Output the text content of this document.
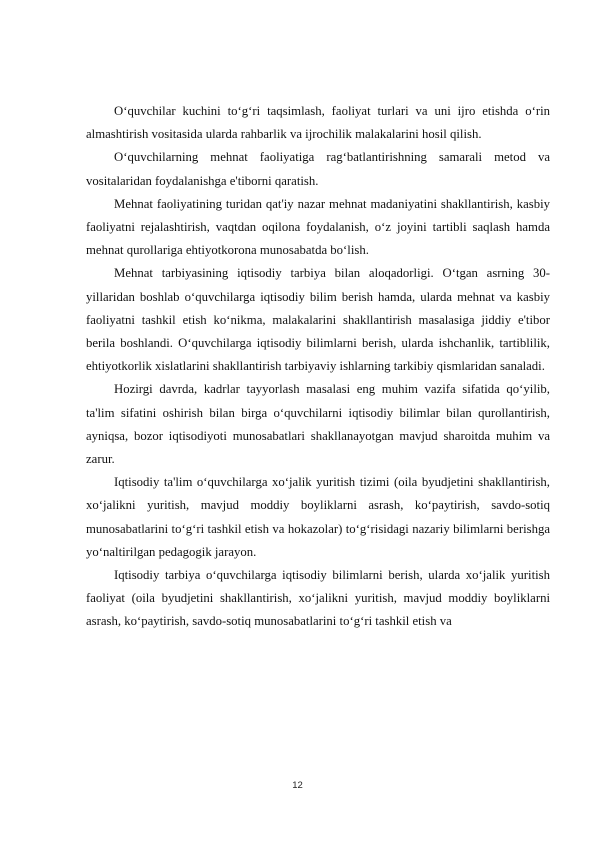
O‘quvchilar kuchini to‘g‘ri taqsimlash, faoliyat turlari va uni ijro etishda o‘rin almashtirish vositasida ularda rahbarlik va ijrochilik malakalarini hosil qilish.

O‘quvchilarning mehnat faoliyatiga rag‘batlantirishning samarali metod va vositalaridan foydalanishga e'tiborni qaratish.

Mehnat faoliyatining turidan qat'iy nazar mehnat madaniyatini shakllantirish, kasbiy faoliyatni rejalashtirish, vaqtdan oqilona foydalanish, o‘z joyini tartibli saqlash hamda mehnat qurollariga ehtiyotkorona munosabatda bo‘lish.

Mehnat tarbiyasining iqtisodiy tarbiya bilan aloqadorligi. O‘tgan asrning 30-yillaridan boshlab o‘quvchilarga iqtisodiy bilim berish hamda, ularda mehnat va kasbiy faoliyatni tashkil etish ko‘nikma, malakalarini shakllantirish masalasiga jiddiy e'tibor berila boshlandi. O‘quvchilarga iqtisodiy bilimlarni berish, ularda ishchanlik, tartiblilik, ehtiyotkorlik xislatlarini shakllantirish tarbiyaviy ishlarning tarkibiy qismlaridan sanaladi.

Hozirgi davrda, kadrlar tayyorlash masalasi eng muhim vazifa sifatida qo‘yilib, ta'lim sifatini oshirish bilan birga o‘quvchilarni iqtisodiy bilimlar bilan qurollantirish, ayniqsa, bozor iqtisodiyoti munosabatlari shakllanayotgan mavjud sharoitda muhim va zarur.

Iqtisodiy ta'lim o‘quvchilarga xo‘jalik yuritish tizimi (oila byudjetini shakllantirish, xo‘jalikni yuritish, mavjud moddiy boyliklarni asrash, ko‘paytirish, savdo-sotiq munosabatlarini to‘g‘ri tashkil etish va hokazolar) to‘g‘risidagi nazariy bilimlarni berishga yo‘naltirilgan pedagogik jarayon.

Iqtisodiy tarbiya o‘quvchilarga iqtisodiy bilimlarni berish, ularda xo‘jalik yuritish faoliyat (oila byudjetini shakllantirish, xo‘jalikni yuritish, mavjud moddiy boyliklarni asrash, ko‘paytirish, savdo-sotiq munosabatlarini to‘g‘ri tashkil etish va

12
